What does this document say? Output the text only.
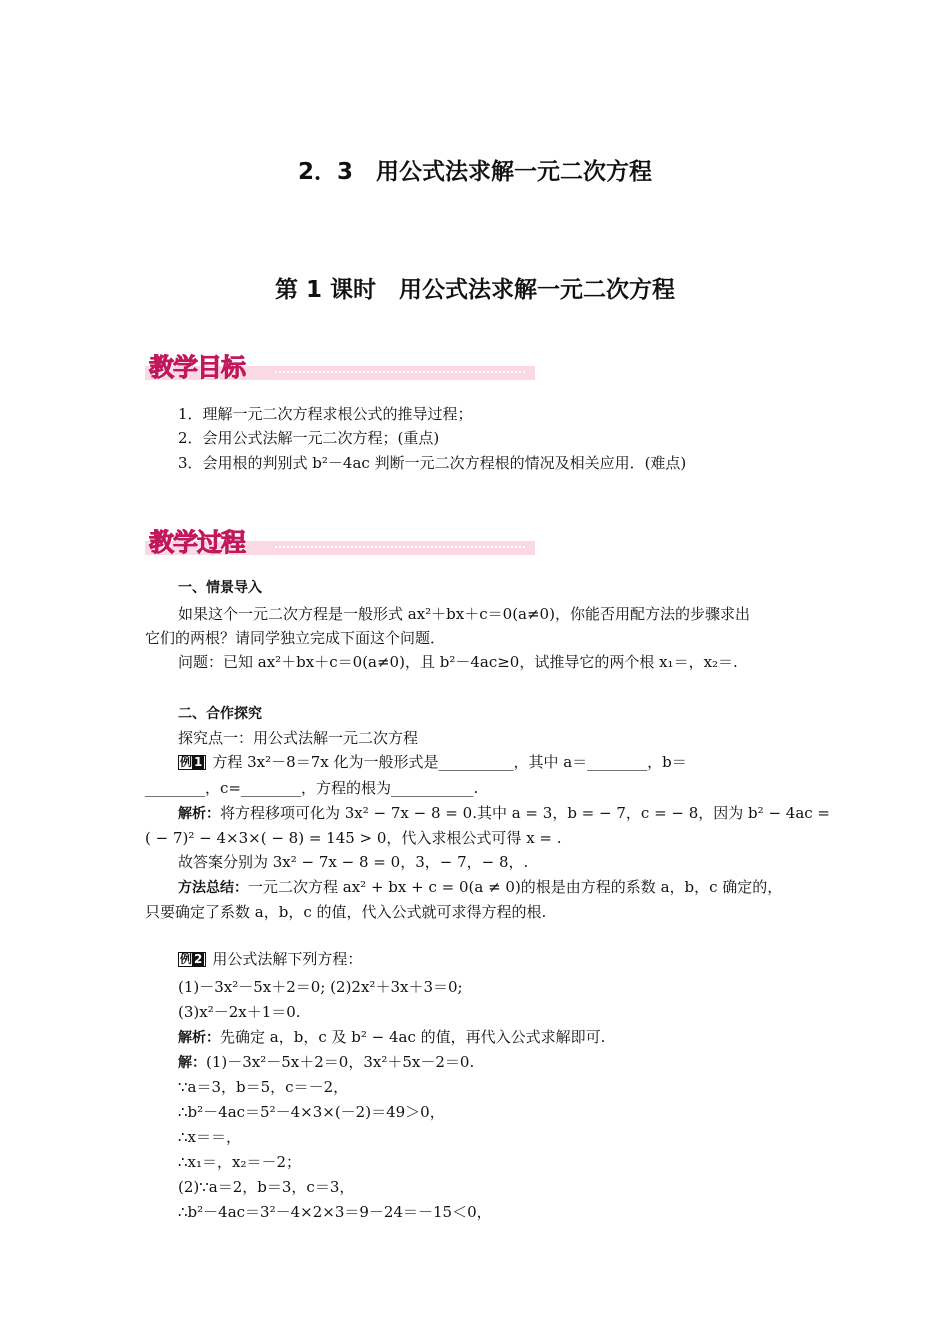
2．3　用公式法求解一元二次方程
第 1 课时　用公式法求解一元二次方程
教学目标
1．理解一元二次方程求根公式的推导过程；
2．会用公式法解一元二次方程；(重点)
3．会用根的判别式 b²－4ac 判断一元二次方程根的情况及相关应用．(难点)
教学过程
一、情景导入
如果这个一元二次方程是一般形式 ax²＋bx＋c＝0(a≠0)，你能否用配方法的步骤求出
它们的两根？请同学独立完成下面这个问题．
问题：已知 ax²＋bx＋c＝0(a≠0)，且 b²－4ac≥0，试推导它的两个根 x₁＝，x₂＝.
二、合作探究
探究点一：用公式法解一元二次方程
例 1 方程 3x²－8＝7x 化为一般形式是__________，其中 a＝________，b＝
________，c=________，方程的根为___________.
解析：将方程移项可化为 3x² − 7x − 8 = 0.其中 a = 3，b = − 7，c = − 8，因为 b² − 4ac =
( − 7)² − 4×3×( − 8) = 145 > 0，代入求根公式可得 x = .
故答案分别为 3x² − 7x − 8 = 0，3，− 7，− 8，.
方法总结：一元二次方程 ax² + bx + c = 0(a ≠ 0)的根是由方程的系数 a，b，c 确定的，
只要确定了系数 a，b，c 的值，代入公式就可求得方程的根.
例 2 用公式法解下列方程：
(1)－3x²－5x＋2＝0; (2)2x²＋3x＋3＝0;
(3)x²－2x＋1＝0.
解析：先确定 a，b，c 及 b² − 4ac 的值，再代入公式求解即可.
解：(1)－3x²－5x＋2＝0，3x²＋5x－2＝0.
∵a＝3，b＝5，c＝－2，
∴b²－4ac＝5²－4×3×(－2)＝49＞0，
∴x＝＝，
∴x₁＝，x₂＝－2；
(2)∵a＝2，b＝3，c＝3，
∴b²－4ac＝3²－4×2×3＝9－24＝－15＜0，
